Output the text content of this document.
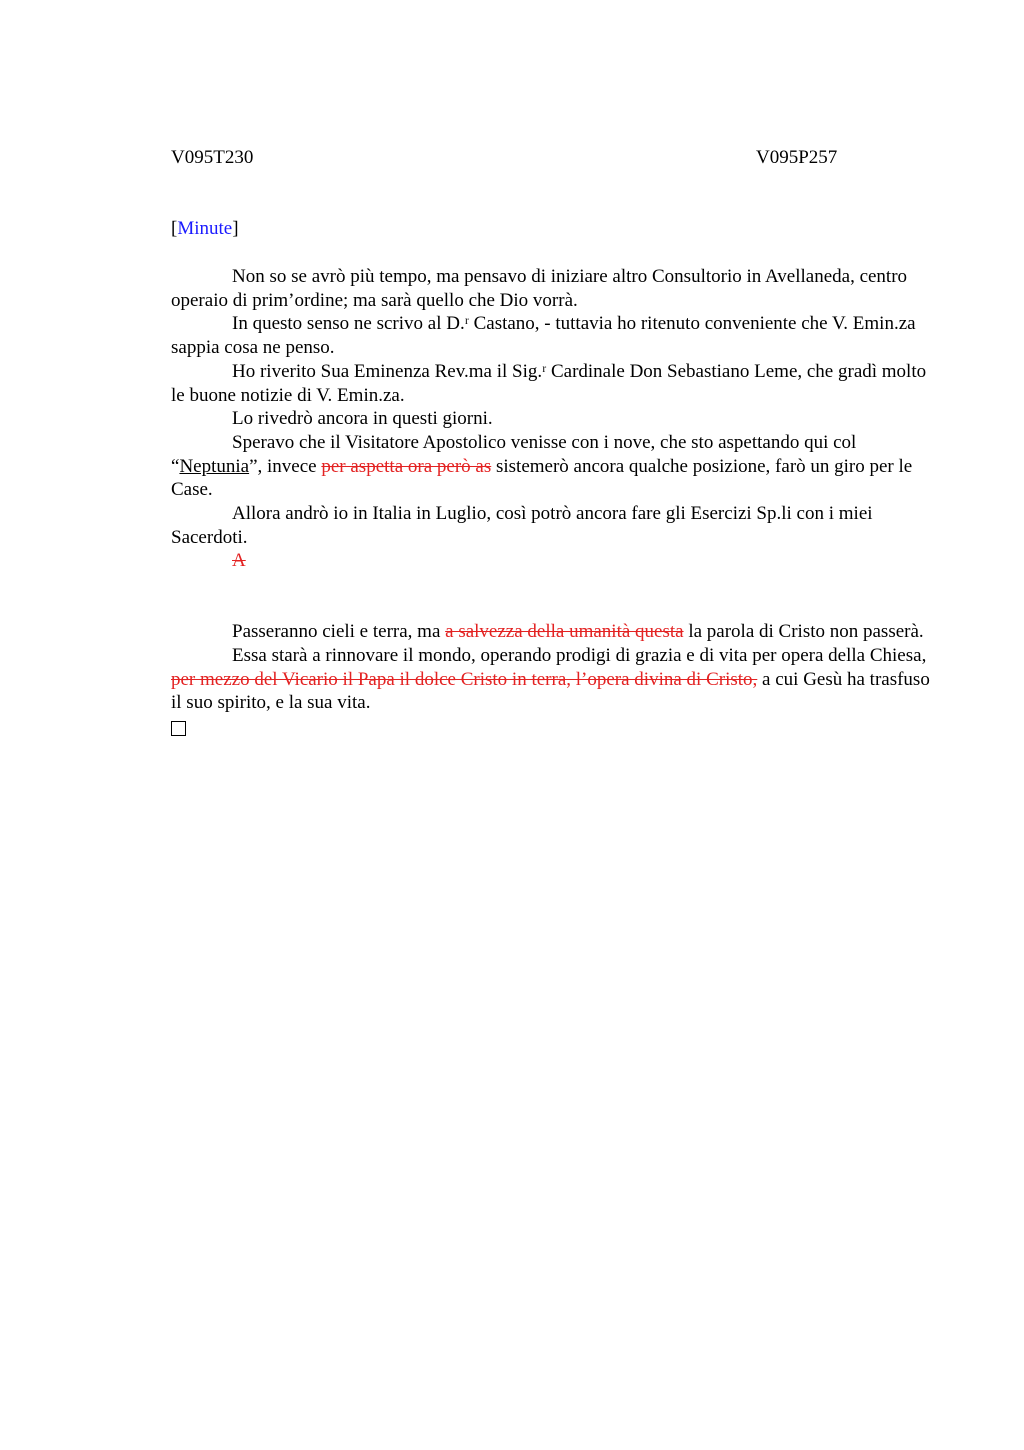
V095T230	V095P257
[Minute]

Non so se avrò più tempo, ma pensavo di iniziare altro Consultorio in Avellaneda, centro operaio di prim’ordine; ma sarà quello che Dio vorrà.

In questo senso ne scrivo al D.ʳ Castano, - tuttavia ho ritenuto conveniente che V. Emin.za sappia cosa ne penso.

Ho riverito Sua Eminenza Rev.ma il Sig.ʳ Cardinale Don Sebastiano Leme, che gradì molto le buone notizie di V. Emin.za.

Lo rivedrò ancora in questi giorni.

Speravo che il Visitatore Apostolico venisse con i nove, che sto aspettando qui col “Neptunia”, invece per aspetta ora però as sistemerò ancora qualche posizione, farò un giro per le Case.

Allora andrò io in Italia in Luglio, così potrò ancora fare gli Esercizi Sp.li con i miei Sacerdoti.

A

Passeranno cieli e terra, ma a salvezza della umanità questa la parola di Cristo non passerà.

Essa starà a rinnovare il mondo, operando prodigi di grazia e di vita per opera della Chiesa, per mezzo del Vicario il Papa il dolce Cristo in terra, l’opera divina di Cristo, a cui Gesù ha trasfuso il suo spirito, e la sua vita.
